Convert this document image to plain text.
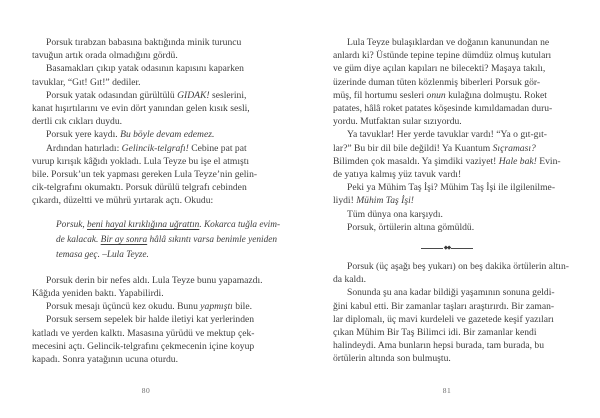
Porsuk tırabzan babasına baktığında minik turuncu
tavuğun artık orada olmadığını gördü.
Basamakları çıkıp yatak odasının kapısını kaparken
tavuklar, “Gıt! Gıt!” dediler.
Porsuk yatak odasından gürültülü GIDAK! seslerini,
kanat hışırtılarını ve evin dört yanından gelen kısık sesli,
dertli cık cıkları duydu.
Porsuk yere kaydı. Bu böyle devam edemez.
Ardından hatırladı: Gelincik-telgrafı! Cebine pat pat
vurup kırışık kâğıdı yokladı. Lula Teyze bu işe el atmıştı
bile. Porsuk’un tek yapması gereken Lula Teyze’nin gelin-
cik-telgrafını okumaktı. Porsuk dürülü telgrafı cebinden
çıkardı, düzeltti ve mührü yırtarak açtı. Okudu:
Porsuk, beni hayal kırıklığına uğrattın. Kokarca tuğla evim-
de kalacak. Bir ay sonra hâlâ sıkıntı varsa benimle yeniden
temasa geç. –Lula Teyze.
Porsuk derin bir nefes aldı. Lula Teyze bunu yapamazdı.
Kâğıda yeniden baktı. Yapabilirdi.
Porsuk mesajı üçüncü kez okudu. Bunu yapmıştı bile.
Porsuk sersem sepelek bir halde iletiyi kat yerlerinden
katladı ve yerden kalktı. Masasına yürüdü ve mektup çek-
mecesini açtı. Gelincik-telgrafını çekmecenin içine koyup
kapadı. Sonra yatağının ucuna oturdu.
Lula Teyze bulaşıklardan ve doğanın kanunundan ne
anlardı ki? Üstünde tepine tepine dümdüz olmuş kutuları
ve güm diye açılan kapıları ne bilecekti? Maşaya takılı,
üzerinde duman tüten közlenmiş biberleri Porsuk gör-
müş, fil hortumu sesleri onun kulağına dolmuştu. Roket
patates, hâlâ roket patates köşesinde kımıldamadan duru-
yordu. Mutfaktan sular sızıyordu.
Ya tavuklar! Her yerde tavuklar vardı! “Ya o gıt-gıt-
lar?” Bu bir dil bile değildi! Ya Kuantum Sıçraması?
Bilimden çok masaldı. Ya şimdiki vaziyet! Hale bak! Evin-
de yatıya kalmış yüz tavuk vardı!
Peki ya Mühim Taş İşi? Mühim Taş İşi ile ilgilenilme-
liydi! Mühim Taş İşi!
Tüm dünya ona karşıydı.
Porsuk, örtülerin altına gömüldü.
◆◆
Porsuk (üç aşağı beş yukarı) on beş dakika örtülerin altın-
da kaldı.
Sonunda şu ana kadar bildiği yaşamının sonuna geldi-
ğini kabul etti. Bir zamanlar taşları araştırırdı. Bir zaman-
lar diplomalı, üç mavi kurdeleli ve gazetede keşif yazıları
çıkan Mühim Bir Taş Bilimci idi. Bir zamanlar kendi
halindeydi. Ama bunların hepsi burada, tam burada, bu
örtülerin altında son bulmuştu.
80	81
